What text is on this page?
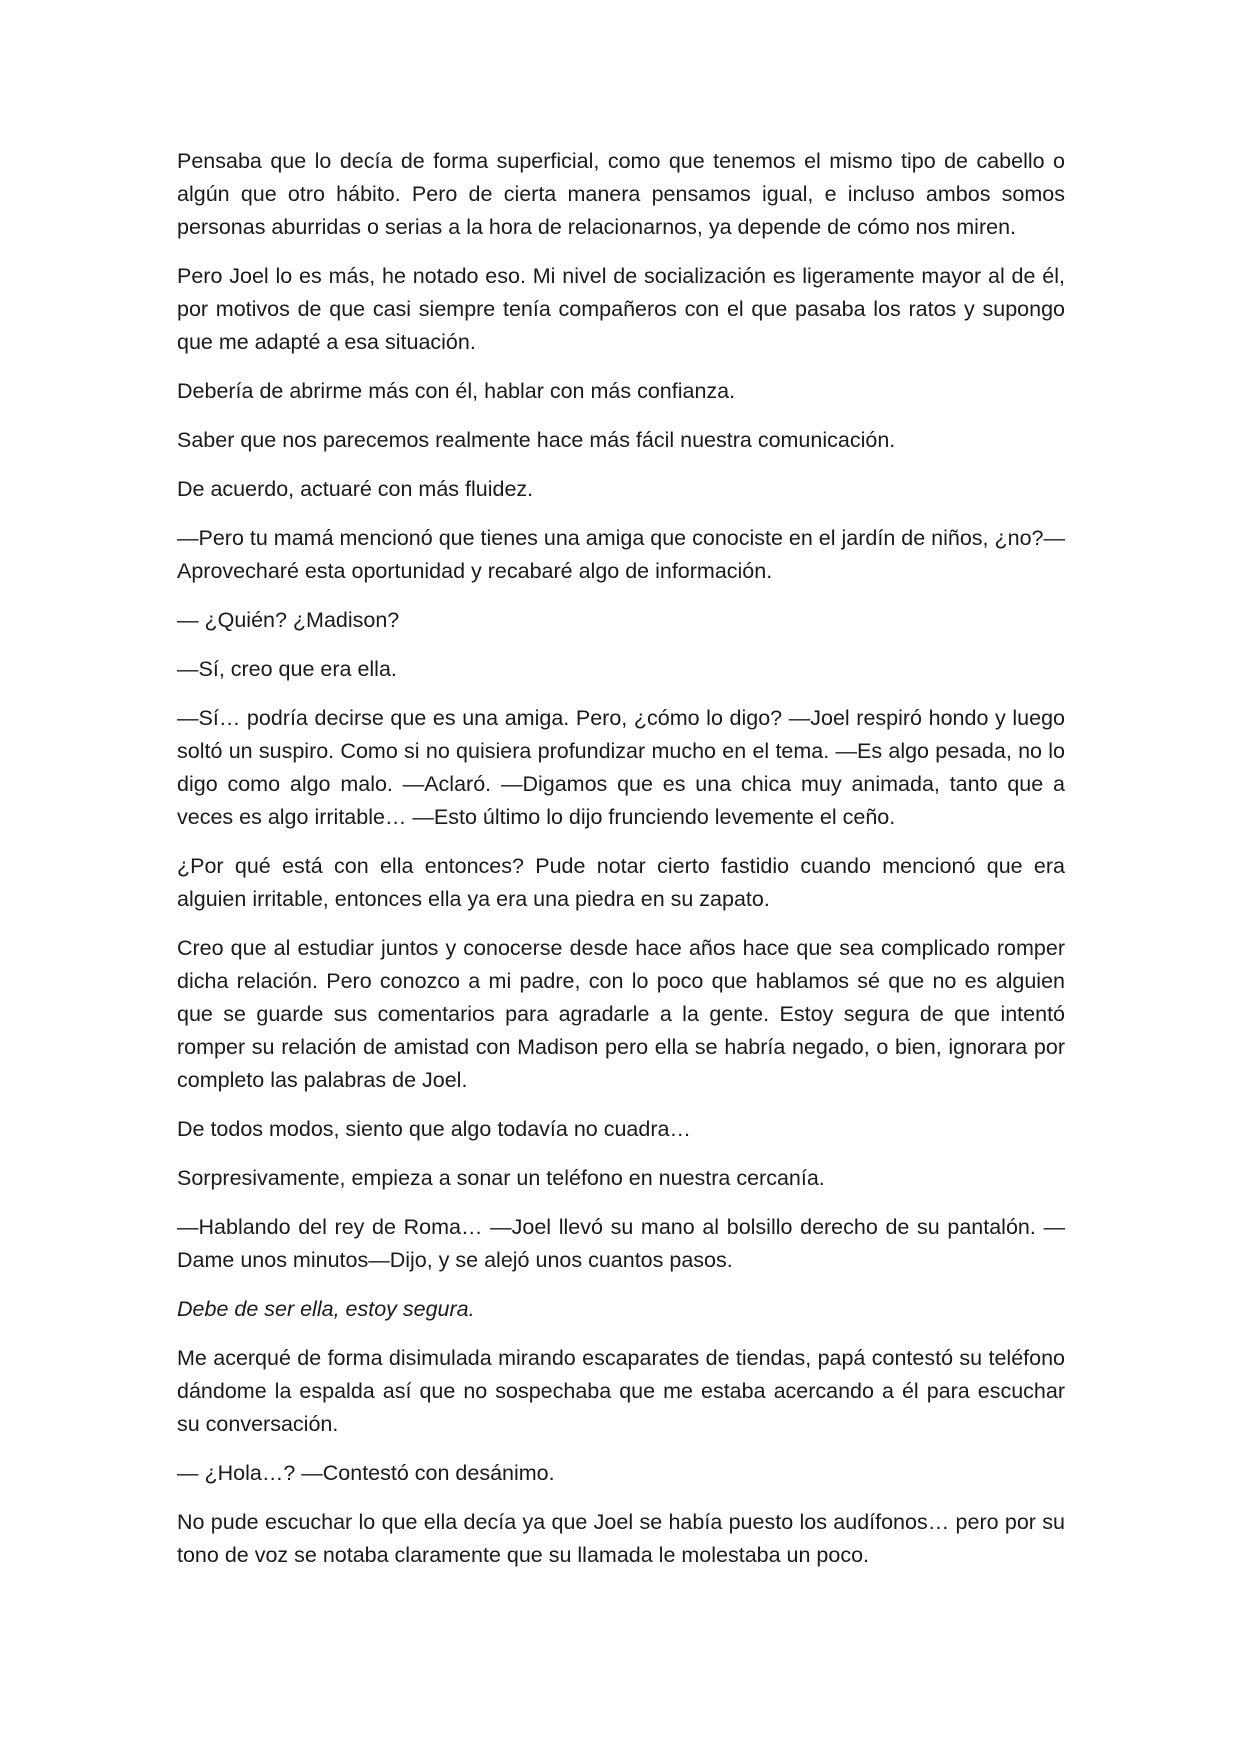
Pensaba que lo decía de forma superficial, como que tenemos el mismo tipo de cabello o algún que otro hábito. Pero de cierta manera pensamos igual, e incluso ambos somos personas aburridas o serias a la hora de relacionarnos, ya depende de cómo nos miren.

Pero Joel lo es más, he notado eso. Mi nivel de socialización es ligeramente mayor al de él, por motivos de que casi siempre tenía compañeros con el que pasaba los ratos y supongo que me adapté a esa situación.

Debería de abrirme más con él, hablar con más confianza.

Saber que nos parecemos realmente hace más fácil nuestra comunicación.

De acuerdo, actuaré con más fluidez.

—Pero tu mamá mencionó que tienes una amiga que conociste en el jardín de niños, ¿no?—Aprovecharé esta oportunidad y recabaré algo de información.

— ¿Quién? ¿Madison?

—Sí, creo que era ella.

—Sí… podría decirse que es una amiga. Pero, ¿cómo lo digo? —Joel respiró hondo y luego soltó un suspiro. Como si no quisiera profundizar mucho en el tema. —Es algo pesada, no lo digo como algo malo. —Aclaró. —Digamos que es una chica muy animada, tanto que a veces es algo irritable… —Esto último lo dijo frunciendo levemente el ceño.

¿Por qué está con ella entonces? Pude notar cierto fastidio cuando mencionó que era alguien irritable, entonces ella ya era una piedra en su zapato.

Creo que al estudiar juntos y conocerse desde hace años hace que sea complicado romper dicha relación. Pero conozco a mi padre, con lo poco que hablamos sé que no es alguien que se guarde sus comentarios para agradarle a la gente. Estoy segura de que intentó romper su relación de amistad con Madison pero ella se habría negado, o bien, ignorara por completo las palabras de Joel.

De todos modos, siento que algo todavía no cuadra…

Sorpresivamente, empieza a sonar un teléfono en nuestra cercanía.

—Hablando del rey de Roma… —Joel llevó su mano al bolsillo derecho de su pantalón. —Dame unos minutos—Dijo, y se alejó unos cuantos pasos.

Debe de ser ella, estoy segura.

Me acerqué de forma disimulada mirando escaparates de tiendas, papá contestó su teléfono dándome la espalda así que no sospechaba que me estaba acercando a él para escuchar su conversación.

— ¿Hola…? —Contestó con desánimo.

No pude escuchar lo que ella decía ya que Joel se había puesto los audífonos… pero por su tono de voz se notaba claramente que su llamada le molestaba un poco.
